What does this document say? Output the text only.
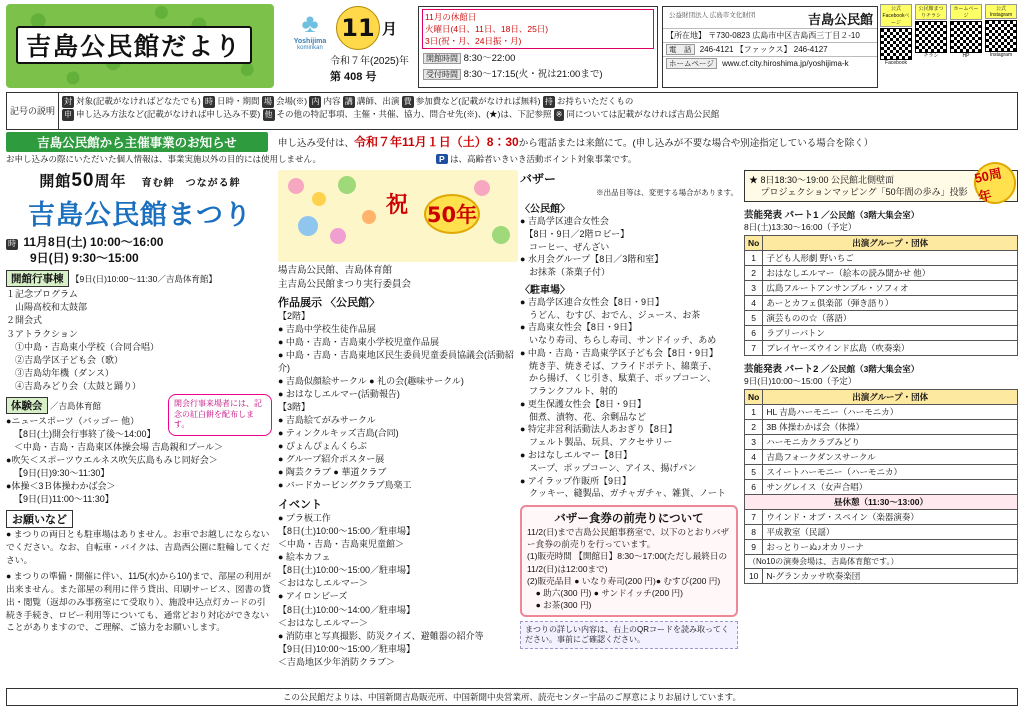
吉島公民館だより
♣
Yoshijima
kominkan
11 月
令和７年(2025)年
第 408 号
11月の休館日
火曜日(4日、11日、18日、25日)
3日(祝・月、24日振・月)
開館時間 8:30～22:00
受付時間 8:30～17:15(火・祝は21:00まで)
公益財団法人 広島市文化財団	吉島公民館
【所在地】 〒730-0823 広島市中区吉島西三丁目２-10
電　話 246-4121 【ファックス】 246-4127
ホームページ www.cf.city.hiroshima.jp/yoshijima-k
公式Facebookページ
Facebook
公民館まつりチラシ
チラシ
ホームページ
HP
公式Instagram
Instagram
記号の説明
対 対象(記載がなければどなたでも) 時 日時・期間 場 会場(※) 内 内容 講 講師、出演 費 参加費など(記載がなければ無料) 持 お持ちいただくもの
申 申し込み方法など(記載がなければ申し込み不要) 他 その他の特記事項、主催・共催、協力、問合せ先(※)、(★)は、下記参照 ※ 同については記載がなければ吉島公民館
吉島公民館から主催事業のお知らせ	申し込み受付は、令和７年11月１日（土）8：30から電話または来館にて。(申し込みが不要な場合や別途指定している場合を除く）
お申し込みの際にいただいた個人情報は、事業実施以外の目的には使用しません。	P は、高齢者いきいき活動ポイント対象事業です。
開館50周年 育む絆　つながる絆
吉島公民館まつり
時 11月8日(土) 10:00～16:00
　　9日(日) 9:30～15:00
開館行事棟 【9日(日)10:00～11:30／吉島体育館】
１記念プログラム
　山陽高校和太鼓部
２開会式
３アトラクション
　①中島・吉島東小学校（合同合唱）
　②吉島学区子ども会（歌）
　③吉島幼年機（ダンス）
　④吉島みどり会（太鼓と踊り）
開会行事来場者には、記念の紅白餅を配布します。
体験会 ／吉島体育館
●ニュースポーツ（バッゴー 他）
【8日(土)開会行事終了後～14:00】
＜中島・吉島・吉島東区体操会場 吉島親和プール＞
●吹矢＜スポーツウエルネス吹矢広島もみじ同好会＞
【9日(日)9:30～11:30】
●体操＜3Ｂ体操わかば会＞
【9日(日)11:00～11:30】
お願いなど
● まつりの両日とも駐車場はありません。お車でお越しにならないでください。なお、自転車・バイクは、吉島西公園に駐輪してください。
● まつりの準備・開催に伴い、11/5(水)から10/)まで、部屋の利用が出来ません。また部屋の利用に伴う貸出、印刷サービス、図書の貸出・閲覧（返却のみ事務室にて受取り）、施設申込点灯カードの引続き手続き、ロビー利用等についても、通常どおり対応ができないことがありますので、ご理解、ご協力をお願いします。
祝 50年
場吉島公民館、吉島体育館
主吉島公民館まつり実行委員会
作品展示 〈公民館〉
【2階】
● 吉島中学校生徒作品展
● 中島・吉島・吉島東小学校児童作品展
● 中島・吉島・吉島東地区民生委員児童委員協議会(活動紹介)
● 吉島似顔絵サークル ● 礼の会(趣味サークル)
● おはなしエルマー(活動報告)
【3階】
● 吉島絵てがみサークル
● ティンクルキッズ吉島(合同)
● ぴょんぴょんくらぶ
● グループ紹介ポスター展
● 陶芸クラブ ● 華道クラブ
● バードカービングクラブ鳥楽工
イベント
● プラ板工作
【8日(土)10:00～15:00／駐車場】
＜中島・吉島・吉島東児童館＞
● 絵本カフェ
【8日(土)10:00～15:00／駐車場】
＜おはなしエルマー＞
● アイロンビーズ
【8日(土)10:00～14:00／駐車場】
＜おはなしエルマー＞
● 消防車と写真撮影、防災クイズ、避難器の紹介等
【9日(日)10:00～15:00／駐車場】
＜吉島地区少年消防クラブ＞
バザー
※出品目等は、変更する場合があります。
〈公民館〉
● 吉島学区連合女性会
　【8日・9日／2階ロビー】
　コーヒー、ぜんざい
● 水月会グループ【8日／3階和室】
　お抹茶（茶菓子付）
〈駐車場〉
● 吉島学区連合女性会【8日・9日】
　うどん、むすび、おでん、ジュース、お茶
● 吉島東女性会【8日・9日】
　いなり寿司、ちらし寿司、サンドイッチ、あめ
● 中島・吉島・吉島東学区子ども会【8日・9日】
　焼き芋、焼きそば、フライドポテト、綿菓子、
　から揚げ、くじ引き、駄菓子、ポップコーン、
　フランクフルト、射的
● 更生保護女性会【8日・9日】
　佃煮、漬物、花、余剰品など
● 特定非営利活動法人あおぎり【8日】
　フェルト製品、玩具、アクセサリー
● おはなしエルマー【8日】
　スープ、ポップコーン、アイス、揚げパン
● アイラップ作販所【9日】
　クッキー、縫製品、ガチャガチャ、雑貨、ノート
バザー食券の前売りについて
11/2(日)まで吉島公民館事務室で、以下のとおりバザー食券の前売りを行っています。
(1)販売時間 【開館日】8:30～17:00(ただし最終日の11/2(日)は12:00まで)
(2)販売品目 ● いなり寿司(200 円)● むすび(200 円)
　● 助六(300 円) ● サンドイッチ(200 円)
　● お茶(300 円)
まつりの詳しい内容は、右上のQRコードを読み取ってください。事前にご確認ください。
50周年
★ 8日18:30～19:00 公民館北側壁面
　 プロジェクションマッピング「50年間の歩み」投影
芸能発表 パート1 ／公民館（3階大集会室）
8日(土)13:30～16:00（予定）
No	出演グループ・団体
1	子ども人形劇 野いちご
2	おはなしエルマー（絵本の読み聞かせ 他）
3	広島フルートアンサンブル・ソフィオ
4	あーとカフェ俱楽部（弾き語り）
5	演芸ものの☆（落語）
6	ラブリーバトン
7	プレイヤーズウインド広島（吹奏楽）
芸能発表 パート2 ／公民館（3階大集会室）
9日(日)10:00～15:00（予定）
No	出演グループ・団体
1	HL 吉島ハーモニー（ハーモニカ）
2	3B 体操わかば会（体操）
3	ハーモニカクラブみどり
4	吉島フォークダンスサークル
5	スイートハーモニー（ハーモニカ）
6	サングレイス（女声合唱）
昼休憩（11:30～13:00）	
7	ウインド・オブ・スペイン（楽器演奏）
8	平成教室（民謡）
9	おっとりーぬ♪オカリーナ
（No10の演奏会場は、吉島体育館です。）	
10	N-グランカッサ吹奏楽団
この公民館だよりは、中国新聞吉島販売所、中国新聞中央営業所、読売センター宇品のご厚意によりお届けしています。
